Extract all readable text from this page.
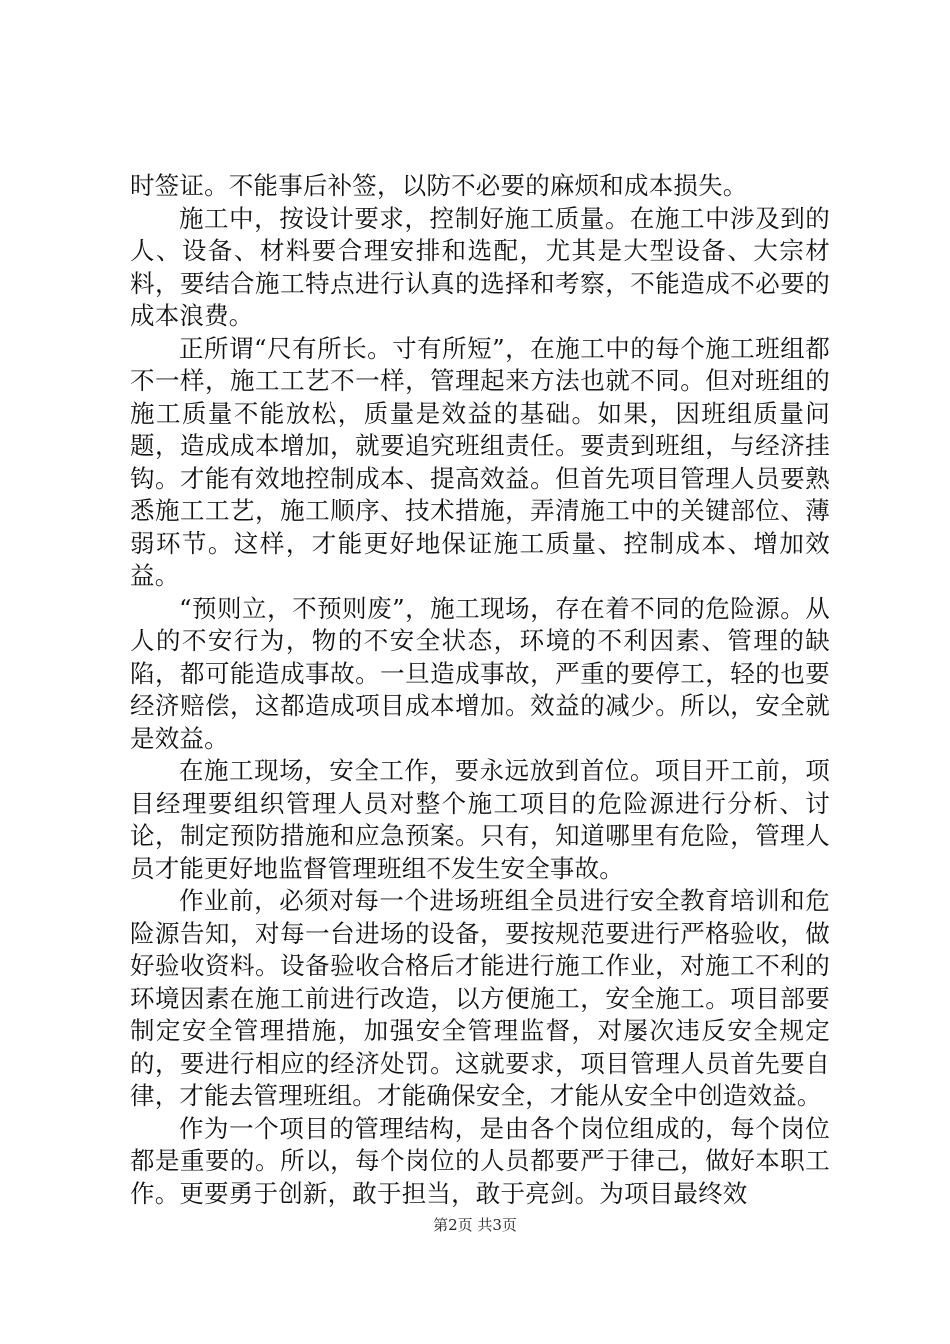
时签证。不能事后补签，以防不必要的麻烦和成本损失。

施工中，按设计要求，控制好施工质量。在施工中涉及到的人、设备、材料要合理安排和选配，尤其是大型设备、大宗材料，要结合施工特点进行认真的选择和考察，不能造成不必要的成本浪费。

正所谓“尺有所长。寸有所短”，在施工中的每个施工班组都不一样，施工工艺不一样，管理起来方法也就不同。但对班组的施工质量不能放松，质量是效益的基础。如果，因班组质量问题，造成成本增加，就要追究班组责任。要责到班组，与经济挂钩。才能有效地控制成本、提高效益。但首先项目管理人员要熟悉施工工艺，施工顺序、技术措施，弄清施工中的关键部位、薄弱环节。这样，才能更好地保证施工质量、控制成本、增加效益。

“预则立，不预则废”，施工现场，存在着不同的危险源。从人的不安行为，物的不安全状态，环境的不利因素、管理的缺陷，都可能造成事故。一旦造成事故，严重的要停工，轻的也要经济赔偿，这都造成项目成本增加。效益的减少。所以，安全就是效益。

在施工现场，安全工作，要永远放到首位。项目开工前，项目经理要组织管理人员对整个施工项目的危险源进行分析、讨论，制定预防措施和应急预案。只有，知道哪里有危险，管理人员才能更好地监督管理班组不发生安全事故。

作业前，必须对每一个进场班组全员进行安全教育培训和危险源告知，对每一台进场的设备，要按规范要进行严格验收，做好验收资料。设备验收合格后才能进行施工作业，对施工不利的环境因素在施工前进行改造，以方便施工，安全施工。项目部要制定安全管理措施，加强安全管理监督，对屡次违反安全规定的，要进行相应的经济处罚。这就要求，项目管理人员首先要自律，才能去管理班组。才能确保安全，才能从安全中创造效益。

作为一个项目的管理结构，是由各个岗位组成的，每个岗位都是重要的。所以，每个岗位的人员都要严于律己，做好本职工作。更要勇于创新，敢于担当，敢于亮剑。为项目最终效

第2页 共3页
